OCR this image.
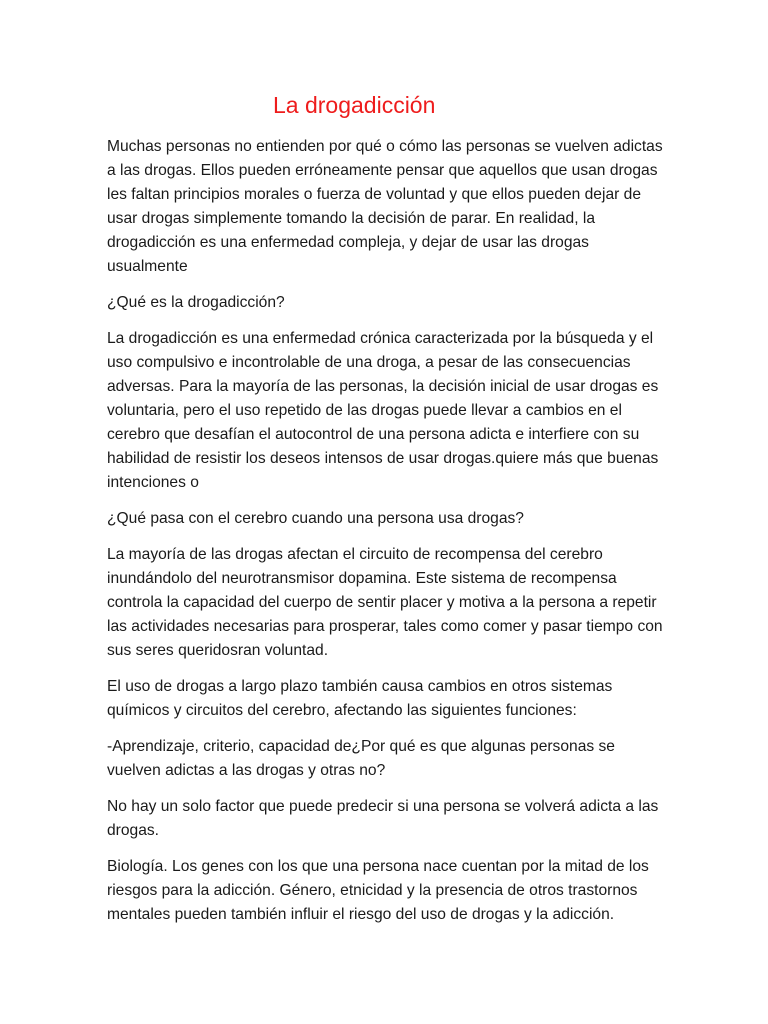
La drogadicción

Muchas personas no entienden por qué o cómo las personas se vuelven adictas a las drogas. Ellos pueden erróneamente pensar que aquellos que usan drogas les faltan principios morales o fuerza de voluntad y que ellos pueden dejar de usar drogas simplemente tomando la decisión de parar. En realidad, la drogadicción es una enfermedad compleja, y dejar de usar las drogas usualmente

¿Qué es la drogadicción?

La drogadicción es una enfermedad crónica caracterizada por la búsqueda y el uso compulsivo e incontrolable de una droga, a pesar de las consecuencias adversas. Para la mayoría de las personas, la decisión inicial de usar drogas es voluntaria, pero el uso repetido de las drogas puede llevar a cambios en el cerebro que desafían el autocontrol de una persona adicta e interfiere con su habilidad de resistir los deseos intensos de usar drogas.quiere más que buenas intenciones o

¿Qué pasa con el cerebro cuando una persona usa drogas?

La mayoría de las drogas afectan el circuito de recompensa del cerebro inundándolo del neurotransmisor dopamina. Este sistema de recompensa controla la capacidad del cuerpo de sentir placer y motiva a la persona a repetir las actividades necesarias para prosperar, tales como comer y pasar tiempo con sus seres queridosran voluntad.

El uso de drogas a largo plazo también causa cambios en otros sistemas químicos y circuitos del cerebro, afectando las siguientes funciones:

-Aprendizaje, criterio, capacidad de¿Por qué es que algunas personas se vuelven adictas a las drogas y otras no?

No hay un solo factor que puede predecir si una persona se volverá adicta a las drogas.

Biología. Los genes con los que una persona nace cuentan por la mitad de los riesgos para la adicción. Género, etnicidad y la presencia de otros trastornos mentales pueden también influir el riesgo del uso de drogas y la adicción.
